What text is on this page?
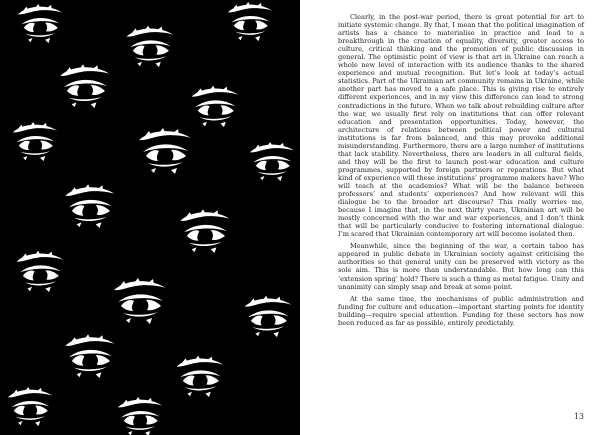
Clearly, in the post-war period, there is great potential for art to initiate systemic change. By that, I mean that the political imagination of artists has a chance to materialise in practice and lead to a breakthrough in the creation of equality, diversity, greater access to culture, critical thinking and the promotion of public discussion in general. The optimistic point of view is that art in Ukraine can reach a whole new level of interaction with its audience thanks to the shared experience and mutual recognition. But let’s look at today’s actual statistics. Part of the Ukrainian art community remains in Ukraine, while another part has moved to a safe place. This is giving rise to entirely different experiences, and in my view this difference can lead to strong contradictions in the future. When we talk about rebuilding culture after the war, we usually first rely on institutions that can offer relevant education and presentation opportunities. Today, however, the architecture of relations between political power and cultural institutions is far from balanced, and this may provoke additional misunderstanding. Furthermore, there are a large number of institutions that lack stability. Nevertheless, there are leaders in all cultural fields, and they will be the first to launch post-war education and culture programmes, supported by foreign partners or reparations. But what kind of experience will these institutions’ programme makers have? Who will teach at the academies? What will be the balance between professors’ and students’ experiences? And how relevant will this dialogue be to the broader art discourse? This really worries me, because I imagine that, in the next thirty years, Ukrainian art will be mostly concerned with the war and war experiences, and I don’t think that will be particularly conducive to fostering international dialogue. I’m scared that Ukrainian contemporary art will become isolated then.

Meanwhile, since the beginning of the war, a certain taboo has appeared in public debate in Ukrainian society against criticising the authorities so that general unity can be preserved with victory as the sole aim. This is more than understandable. But how long can this ‘extension spring’ hold? There is such a thing as metal fatigue. Unity and unanimity can simply snap and break at some point.

At the same time, the mechanisms of public administration and funding for culture and education—important starting points for identity building—require special attention. Funding for these sectors has now been reduced as far as possible, entirely predictably.

13
